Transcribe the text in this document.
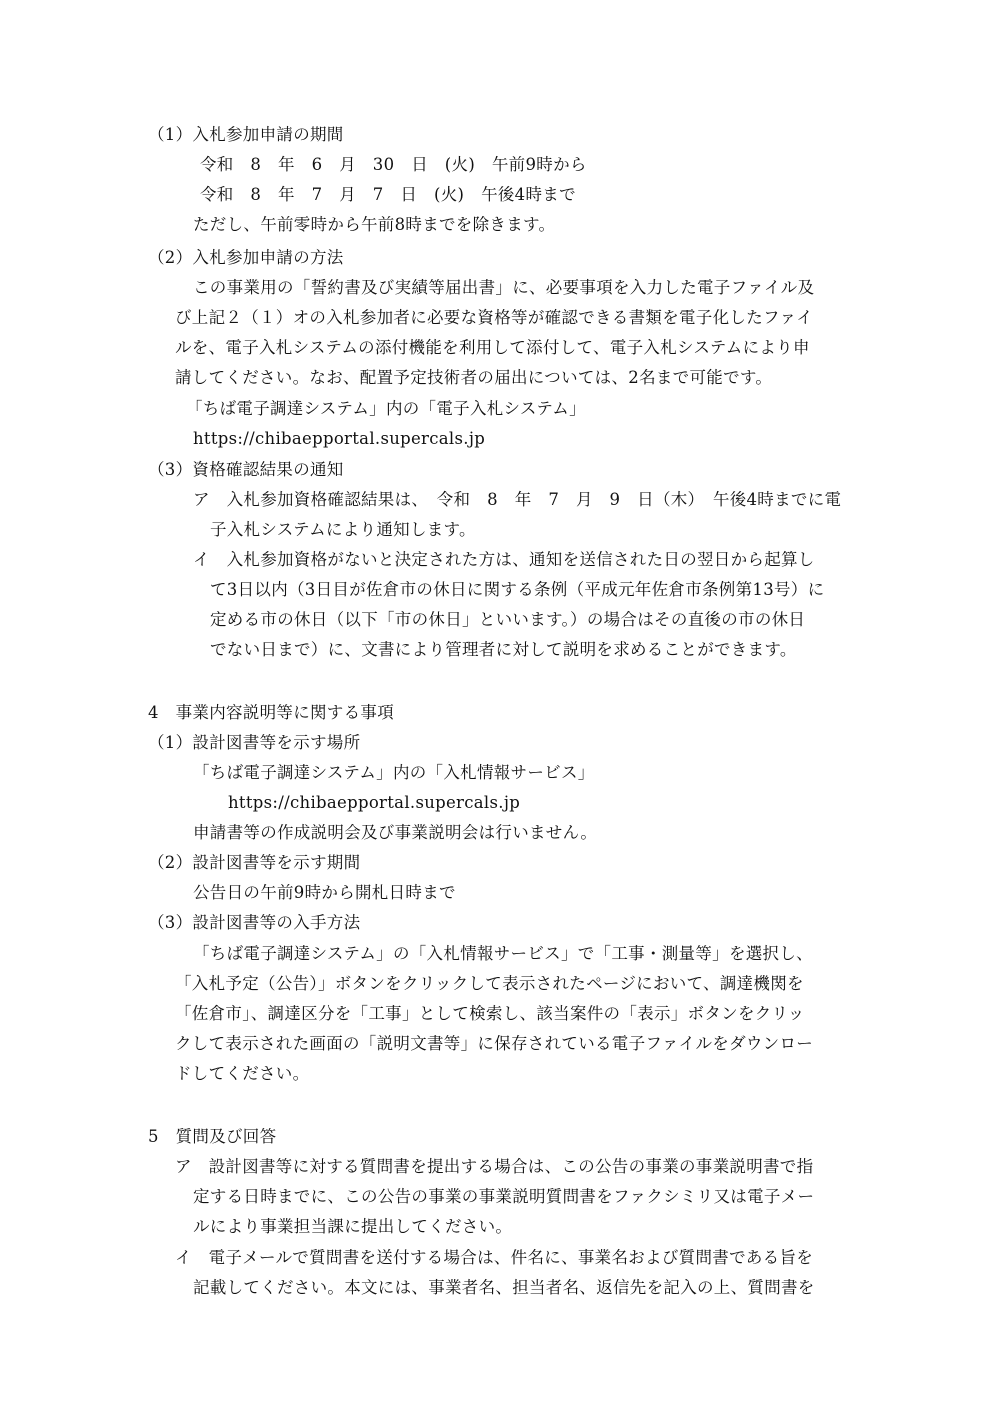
（1）入札参加申請の期間
令和　8　年　6　月　30　日　(火)　午前9時から
令和　8　年　7　月　7　日　(火)　午後4時まで
ただし、午前零時から午前8時までを除きます。
（2）入札参加申請の方法
この事業用の「誓約書及び実績等届出書」に、必要事項を入力した電子ファイル及
び上記２（１）オの入札参加者に必要な資格等が確認できる書類を電子化したファイ
ルを、電子入札システムの添付機能を利用して添付して、電子入札システムにより申
請してください。なお、配置予定技術者の届出については、2名まで可能です。
「ちば電子調達システム」内の「電子入札システム」
https://chibaepportal.supercals.jp
（3）資格確認結果の通知
ア　入札参加資格確認結果は、　令和　8　年　7　月　9　日（木）　午後4時までに電
子入札システムにより通知します。
イ　入札参加資格がないと決定された方は、通知を送信された日の翌日から起算し
て3日以内（3日目が佐倉市の休日に関する条例（平成元年佐倉市条例第13号）に
定める市の休日（以下「市の休日」といいます。）の場合はその直後の市の休日
でない日まで）に、文書により管理者に対して説明を求めることができます。
4　事業内容説明等に関する事項
（1）設計図書等を示す場所
「ちば電子調達システム」内の「入札情報サービス」
https://chibaepportal.supercals.jp
申請書等の作成説明会及び事業説明会は行いません。
（2）設計図書等を示す期間
公告日の午前9時から開札日時まで
（3）設計図書等の入手方法
「ちば電子調達システム」の「入札情報サービス」で「工事・測量等」を選択し、
「入札予定（公告）」ボタンをクリックして表示されたページにおいて、調達機関を
「佐倉市」、調達区分を「工事」として検索し、該当案件の「表示」ボタンをクリッ
クして表示された画面の「説明文書等」に保存されている電子ファイルをダウンロー
ドしてください。
5　質問及び回答
ア　設計図書等に対する質問書を提出する場合は、この公告の事業の事業説明書で指
定する日時までに、この公告の事業の事業説明質問書をファクシミリ又は電子メー
ルにより事業担当課に提出してください。
イ　電子メールで質問書を送付する場合は、件名に、事業名および質問書である旨を
記載してください。本文には、事業者名、担当者名、返信先を記入の上、質問書を
